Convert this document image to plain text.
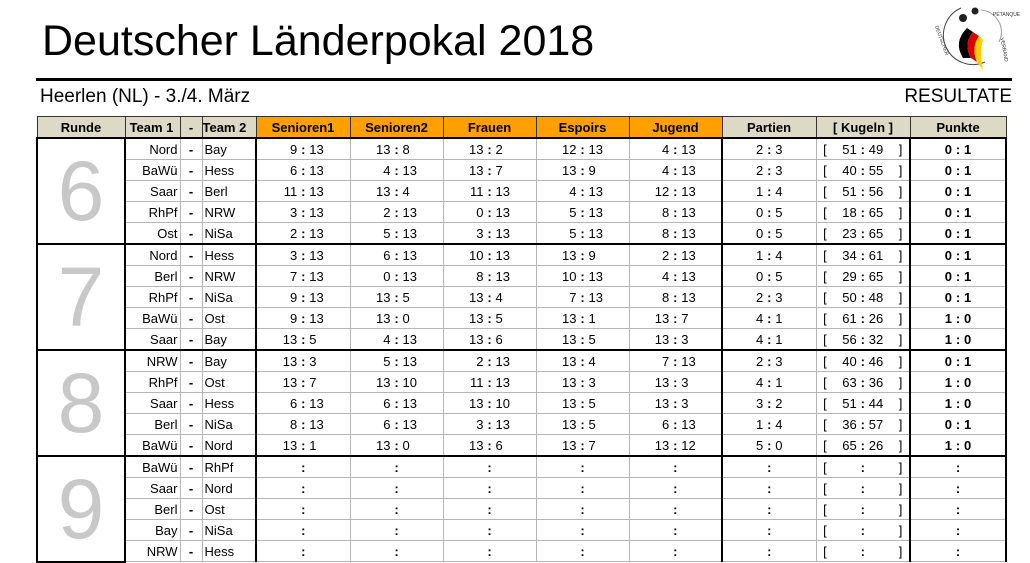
Deutscher Länderpokal 2018
PÉTANQUE
DEUTSCHER	VERBAND
Heerlen (NL) - 3./4. März	RESULTATE
Runde	Team 1	-	Team 2	Senioren1	Senioren2	Frauen	Espoirs	Jugend	Partien	[ Kugeln ]	Punkte
6	Nord	-	Bay	9 : 13	13 : 8	13 : 2	12 : 13	4 : 13	2 : 3	[ 51 : 49 ]	0 : 1

	BaWü	-	Hess	6 : 13	4 : 13	13 : 7	13 : 9	4 : 13	2 : 3	[ 40 : 55 ]	0 : 1

	Saar	-	Berl	11 : 13	13 : 4	11 : 13	4 : 13	12 : 13	1 : 4	[ 51 : 56 ]	0 : 1

	RhPf	-	NRW	3 : 13	2 : 13	0 : 13	5 : 13	8 : 13	0 : 5	[ 18 : 65 ]	0 : 1

	Ost	-	NiSa	2 : 13	5 : 13	3 : 13	5 : 13	8 : 13	0 : 5	[ 23 : 65 ]	0 : 1

7	Nord	-	Hess	3 : 13	6 : 13	10 : 13	13 : 9	2 : 13	1 : 4	[ 34 : 61 ]	0 : 1

	Berl	-	NRW	7 : 13	0 : 13	8 : 13	10 : 13	4 : 13	0 : 5	[ 29 : 65 ]	0 : 1

	RhPf	-	NiSa	9 : 13	13 : 5	13 : 4	7 : 13	8 : 13	2 : 3	[ 50 : 48 ]	0 : 1

	BaWü	-	Ost	9 : 13	13 : 0	13 : 5	13 : 1	13 : 7	4 : 1	[ 61 : 26 ]	1 : 0

	Saar	-	Bay	13 : 5	4 : 13	13 : 6	13 : 5	13 : 3	4 : 1	[ 56 : 32 ]	1 : 0

8	NRW	-	Bay	13 : 3	5 : 13	2 : 13	13 : 4	7 : 13	2 : 3	[ 40 : 46 ]	0 : 1

	RhPf	-	Ost	13 : 7	13 : 10	11 : 13	13 : 3	13 : 3	4 : 1	[ 63 : 36 ]	1 : 0

	Saar	-	Hess	6 : 13	6 : 13	13 : 10	13 : 5	13 : 3	3 : 2	[ 51 : 44 ]	1 : 0

	Berl	-	NiSa	8 : 13	6 : 13	3 : 13	13 : 5	6 : 13	1 : 4	[ 36 : 57 ]	0 : 1

	BaWü	-	Nord	13 : 1	13 : 0	13 : 6	13 : 7	13 : 12	5 : 0	[ 65 : 26 ]	1 : 0

9	BaWü	-	RhPf	:	:	:	:	:	:	[ : ]	:

	Saar	-	Nord	:	:	:	:	:	:	[ : ]	:

	Berl	-	Ost	:	:	:	:	:	:	[ : ]	:

	Bay	-	NiSa	:	:	:	:	:	:	[ : ]	:

	NRW	-	Hess	:	:	:	:	:	:	[ : ]	:
